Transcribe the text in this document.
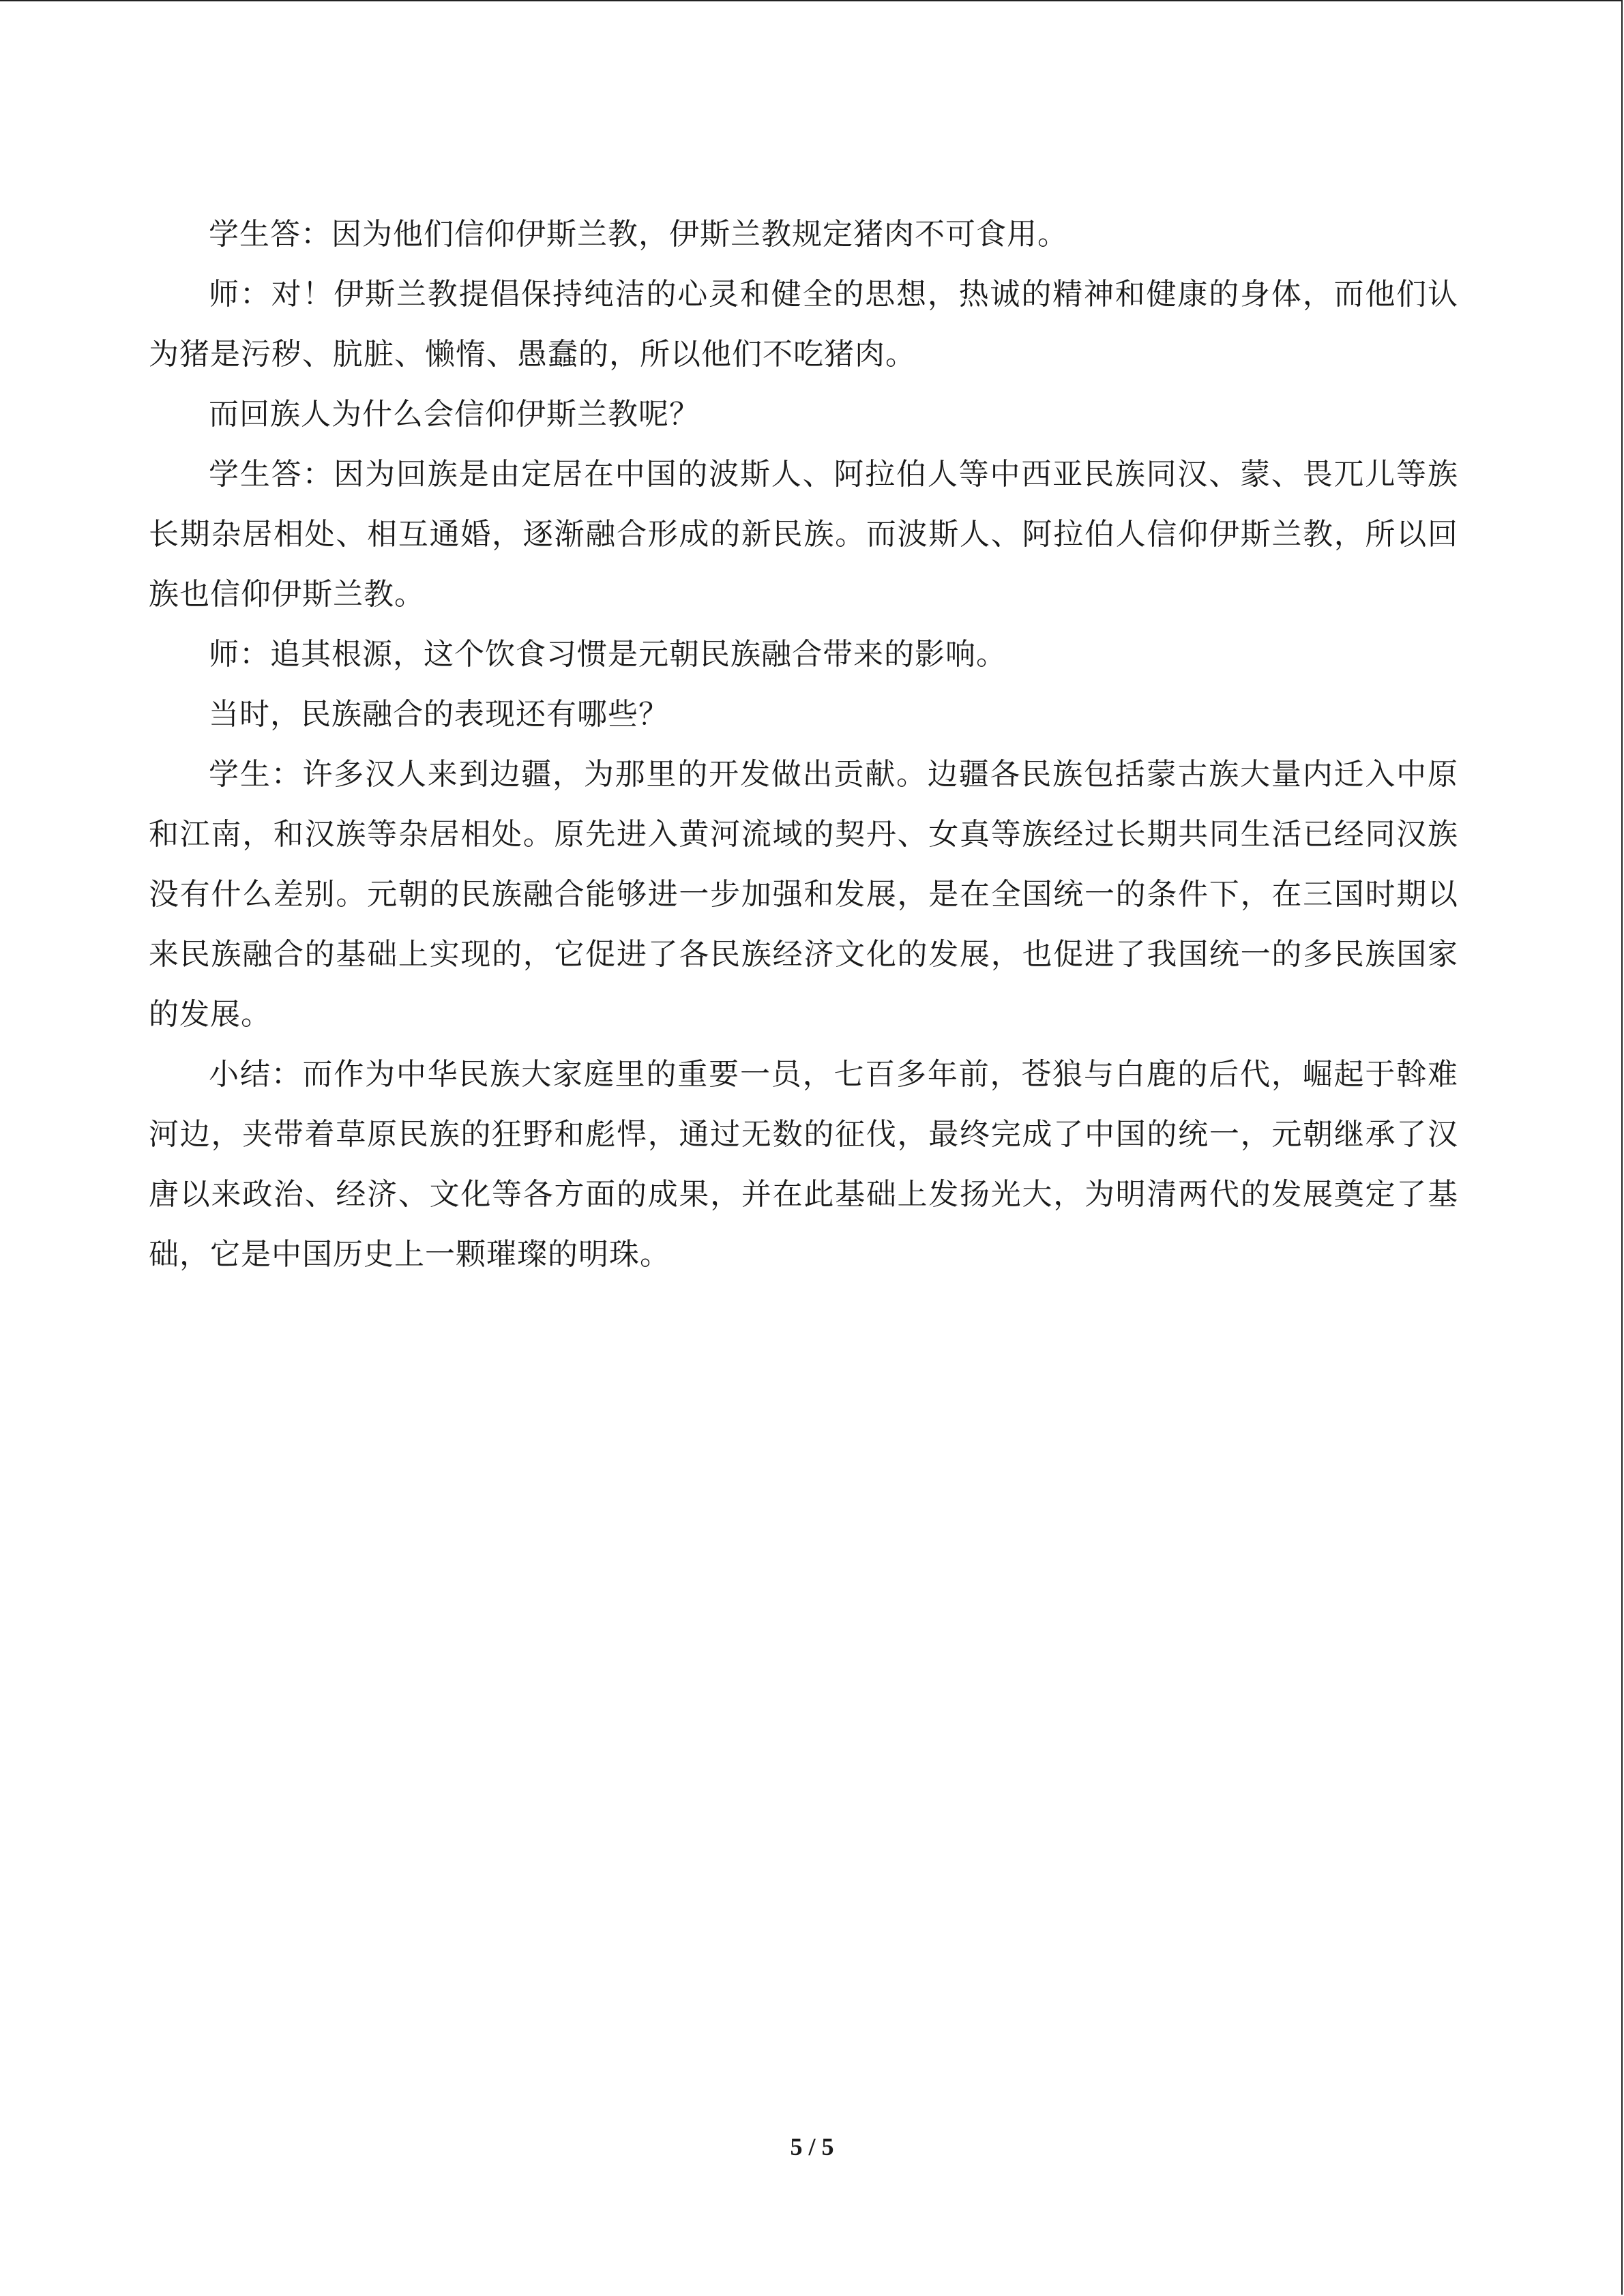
学生答：因为他们信仰伊斯兰教，伊斯兰教规定猪肉不可食用。

师：对！伊斯兰教提倡保持纯洁的心灵和健全的思想，热诚的精神和健康的身体，而他们认为猪是污秽、肮脏、懒惰、愚蠢的，所以他们不吃猪肉。

而回族人为什么会信仰伊斯兰教呢？

学生答：因为回族是由定居在中国的波斯人、阿拉伯人等中西亚民族同汉、蒙、畏兀儿等族长期杂居相处、相互通婚，逐渐融合形成的新民族。而波斯人、阿拉伯人信仰伊斯兰教，所以回族也信仰伊斯兰教。

师：追其根源，这个饮食习惯是元朝民族融合带来的影响。

当时，民族融合的表现还有哪些？

学生：许多汉人来到边疆，为那里的开发做出贡献。边疆各民族包括蒙古族大量内迁入中原和江南，和汉族等杂居相处。原先进入黄河流域的契丹、女真等族经过长期共同生活已经同汉族没有什么差别。元朝的民族融合能够进一步加强和发展，是在全国统一的条件下，在三国时期以来民族融合的基础上实现的，它促进了各民族经济文化的发展，也促进了我国统一的多民族国家的发展。

小结：而作为中华民族大家庭里的重要一员，七百多年前，苍狼与白鹿的后代，崛起于斡难河边，夹带着草原民族的狂野和彪悍，通过无数的征伐，最终完成了中国的统一，元朝继承了汉唐以来政治、经济、文化等各方面的成果，并在此基础上发扬光大，为明清两代的发展奠定了基础，它是中国历史上一颗璀璨的明珠。

5 / 5
